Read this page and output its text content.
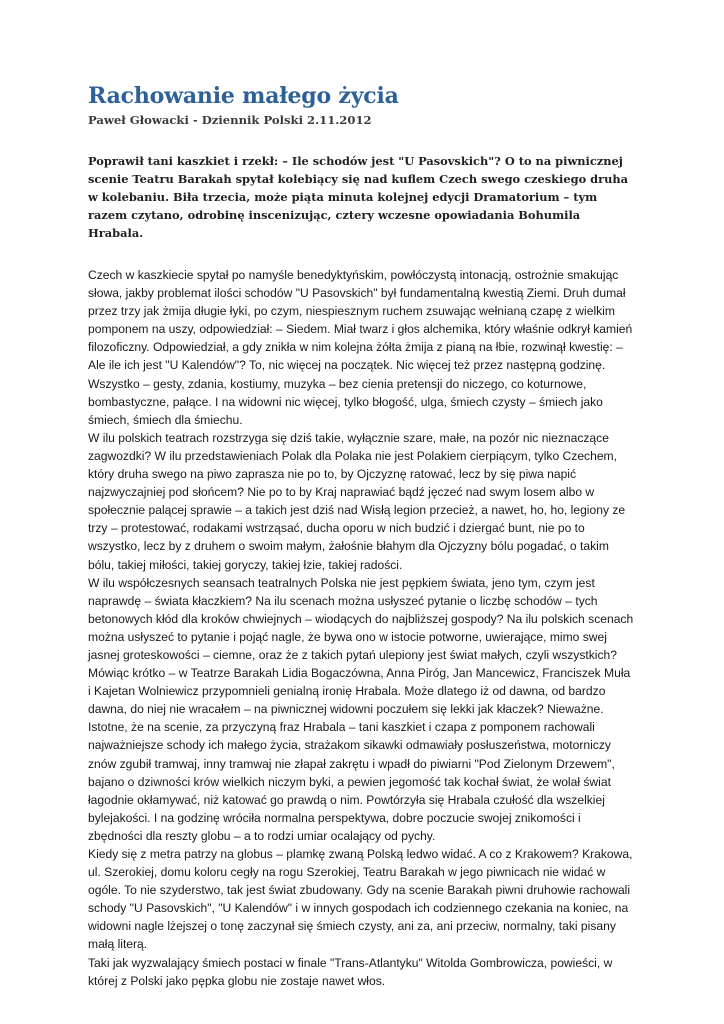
Rachowanie małego życia
Paweł Głowacki - Dziennik Polski 2.11.2012
Poprawił tani kaszkiet i rzekł: – Ile schodów jest "U Pasovskich"? O to na piwnicznej scenie Teatru Barakah spytał kolebiący się nad kuflem Czech swego czeskiego druha w kolebaniu. Biła trzecia, może piąta minuta kolejnej edycji Dramatorium – tym razem czytano, odrobinę inscenizując, cztery wczesne opowiadania Bohumila Hrabala.

Czech w kaszkiecie spytał po namyśle benedyktyńskim, powłóczystą intonacją, ostrożnie smakując słowa, jakby problemat ilości schodów "U Pasovskich" był fundamentalną kwestią Ziemi. Druh dumał przez trzy jak żmija długie łyki, po czym, niespiesznym ruchem zsuwając wełnianą czapę z wielkim pomponem na uszy, odpowiedział: – Siedem. Miał twarz i głos alchemika, który właśnie odkrył kamień filozoficzny. Odpowiedział, a gdy znikła w nim kolejna żółta żmija z pianą na łbie, rozwinął kwestię: – Ale ile ich jest "U Kalendów"? To, nic więcej na początek. Nic więcej też przez następną godzinę. Wszystko – gesty, zdania, kostiumy, muzyka – bez cienia pretensji do niczego, co koturnowe, bombastyczne, pałące. I na widowni nic więcej, tylko błogość, ulga, śmiech czysty – śmiech jako śmiech, śmiech dla śmiechu.

W ilu polskich teatrach rozstrzyga się dziś takie, wyłącznie szare, małe, na pozór nic nieznaczące zagwozdki? W ilu przedstawieniach Polak dla Polaka nie jest Polakiem cierpiącym, tylko Czechem, który druha swego na piwo zaprasza nie po to, by Ojczyznę ratować, lecz by się piwa napić najzwyczajniej pod słońcem? Nie po to by Kraj naprawiać bądź jęczeć nad swym losem albo w społecznie palącej sprawie – a takich jest dziś nad Wisłą legion przecież, a nawet, ho, ho, legiony ze trzy – protestować, rodakami wstrząsać, ducha oporu w nich budzić i dziergać bunt, nie po to wszystko, lecz by z druhem o swoim małym, żałośnie błahym dla Ojczyzny bólu pogadać, o takim bólu, takiej miłości, takiej goryczy, takiej łzie, takiej radości.

W ilu współczesnych seansach teatralnych Polska nie jest pępkiem świata, jeno tym, czym jest naprawdę – świata kłaczkiem? Na ilu scenach można usłyszeć pytanie o liczbę schodów – tych betonowych kłód dla kroków chwiejnych – wiodących do najbliższej gospody? Na ilu polskich scenach można usłyszeć to pytanie i pojąć nagle, że bywa ono w istocie potworne, uwierające, mimo swej jasnej groteskowości – ciemne, oraz że z takich pytań ulepiony jest świat małych, czyli wszystkich? Mówiąc krótko – w Teatrze Barakah Lidia Bogaczówna, Anna Piróg, Jan Mancewicz, Franciszek Muła i Kajetan Wolniewicz przypomnieli genialną ironię Hrabala. Może dlatego iż od dawna, od bardzo dawna, do niej nie wracałem – na piwnicznej widowni poczułem się lekki jak kłaczek? Nieważne.

Istotne, że na scenie, za przyczyną fraz Hrabala – tani kaszkiet i czapa z pomponem rachowali najważniejsze schody ich małego życia, strażakom sikawki odmawiały posłuszeństwa, motorniczy znów zgubił tramwaj, inny tramwaj nie złapał zakrętu i wpadł do piwiarni "Pod Zielonym Drzewem", bajano o dziwności krów wielkich niczym byki, a pewien jegomość tak kochał świat, że wolał świat łagodnie okłamywać, niż katować go prawdą o nim. Powtórzyła się Hrabala czułość dla wszelkiej bylejakości. I na godzinę wróciła normalna perspektywa, dobre poczucie swojej znikomości i zbędności dla reszty globu – a to rodzi umiar ocalający od pychy.

Kiedy się z metra patrzy na globus – plamkę zwaną Polską ledwo widać. A co z Krakowem? Krakowa, ul. Szerokiej, domu koloru cegły na rogu Szerokiej, Teatru Barakah w jego piwnicach nie widać w ogóle. To nie szyderstwo, tak jest świat zbudowany. Gdy na scenie Barakah piwni druhowie rachowali schody "U Pasovskich", "U Kalendów" i w innych gospodach ich codziennego czekania na koniec, na widowni nagle lżejszej o tonę zaczynał się śmiech czysty, ani za, ani przeciw, normalny, taki pisany małą literą.

Taki jak wyzwalający śmiech postaci w finale "Trans-Atlantyku" Witolda Gombrowicza, powieści, w której z Polski jako pępka globu nie zostaje nawet włos.
